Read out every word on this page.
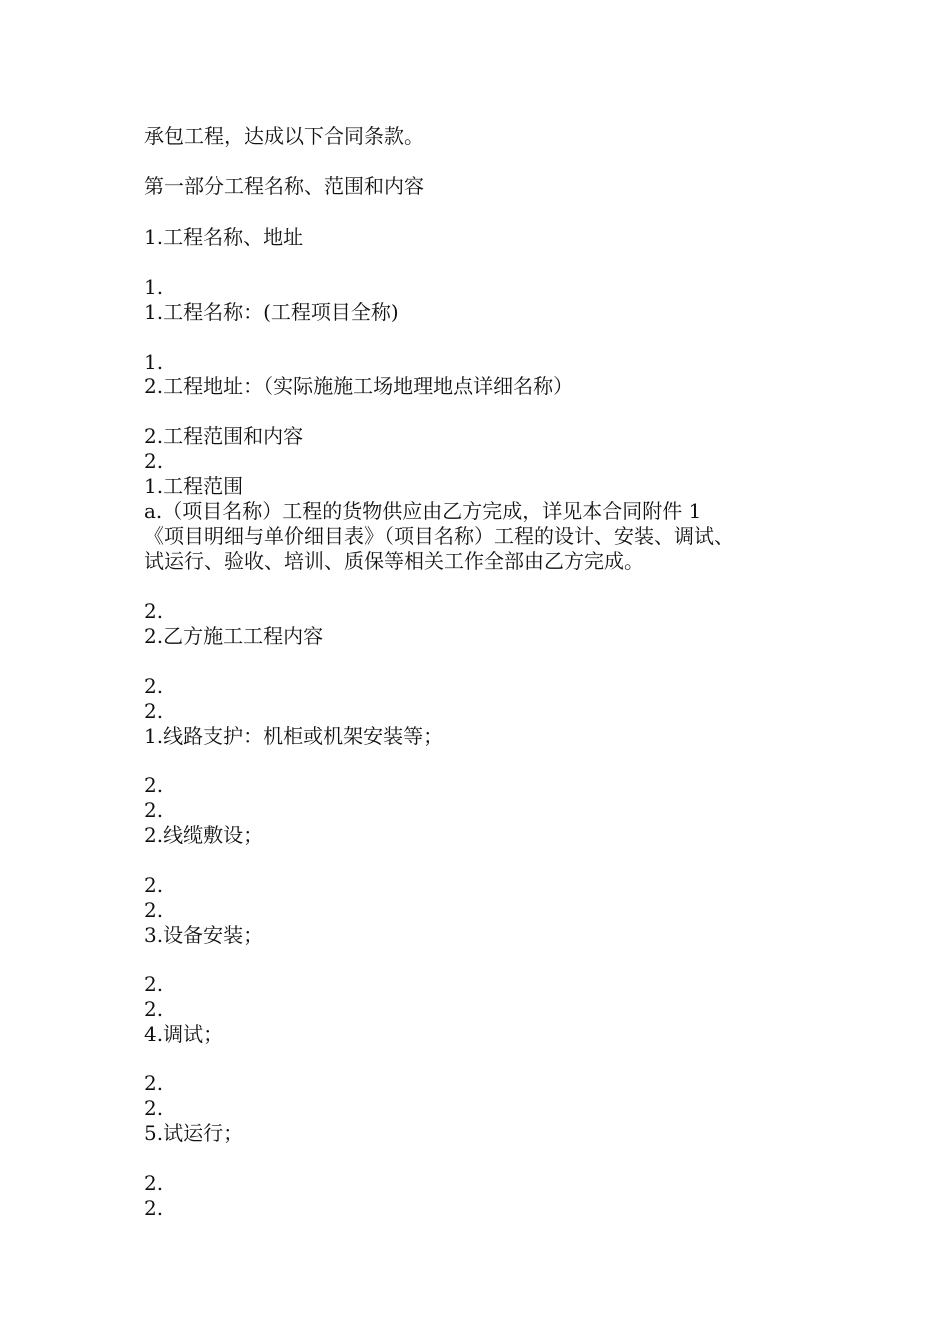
承包工程，达成以下合同条款。
第一部分工程名称、范围和内容
1.工程名称、地址
1.
1.工程名称：(工程项目全称)
1.
2.工程地址：（实际施施工场地理地点详细名称）
2.工程范围和内容
2.
1.工程范围
a.（项目名称）工程的货物供应由乙方完成，详见本合同附件 1
《项目明细与单价细目表》（项目名称）工程的设计、安装、调试、
试运行、验收、培训、质保等相关工作全部由乙方完成。
2.
2.乙方施工工程内容
2.
2.
1.线路支护：机柜或机架安装等；
2.
2.
2.线缆敷设；
2.
2.
3.设备安装；
2.
2.
4.调试；
2.
2.
5.试运行；
2.
2.
